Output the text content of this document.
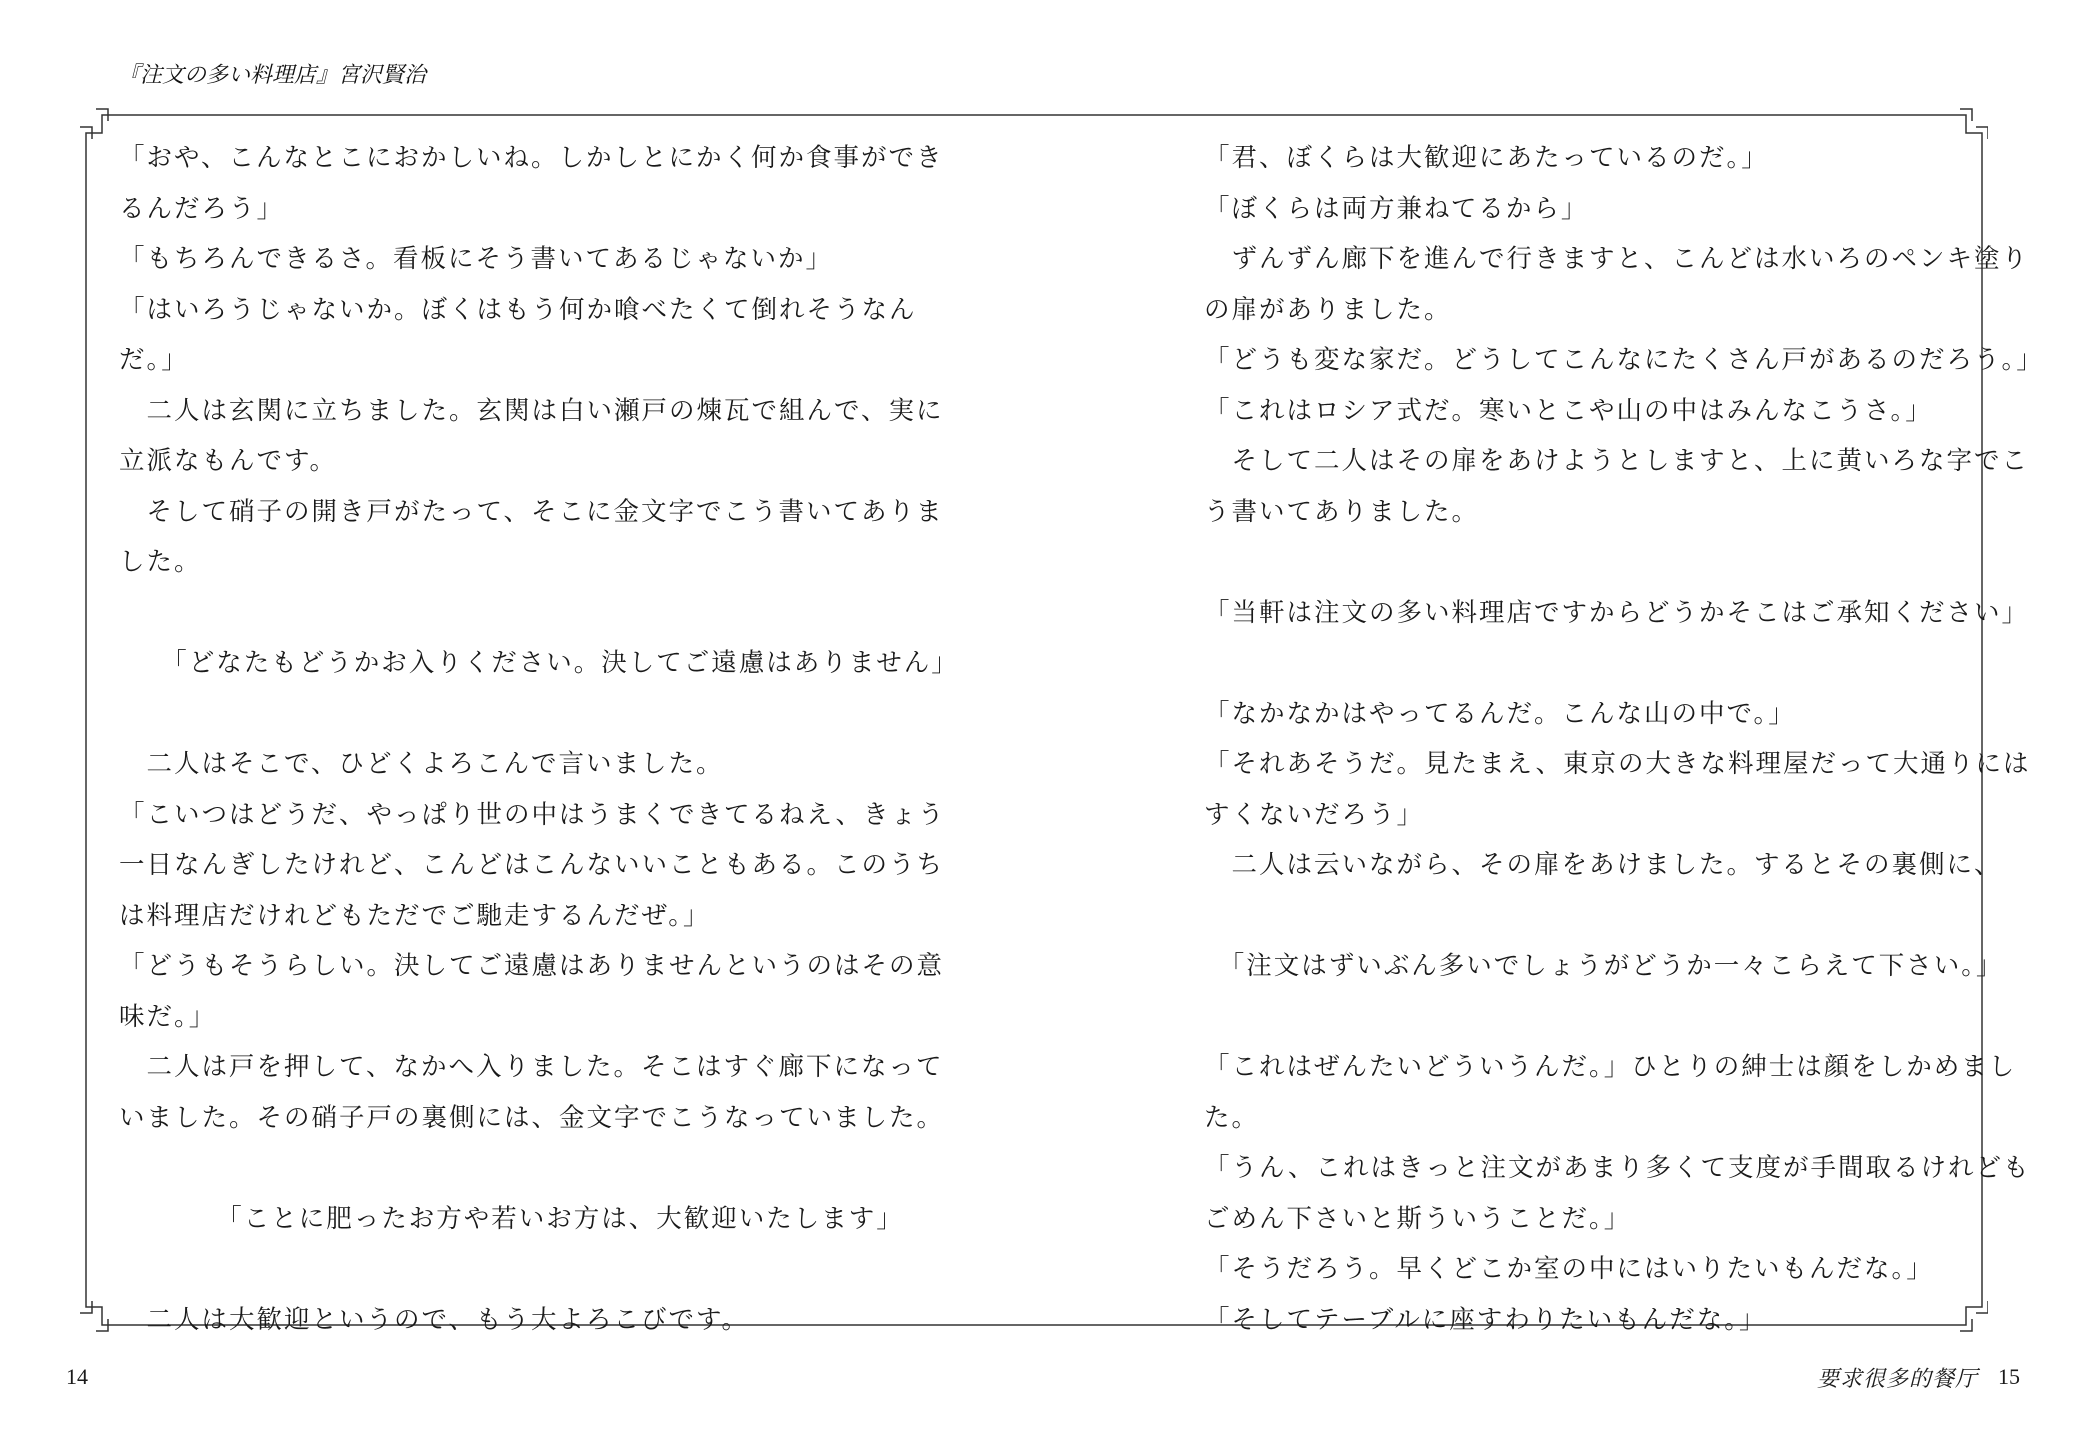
『注文の多い料理店』宮沢賢治
「おや、こんなとこにおかしいね。しかしとにかく何か食事ができ
るんだろう」
「もちろんできるさ。看板にそう書いてあるじゃないか」
「はいろうじゃないか。ぼくはもう何か喰べたくて倒れそうなん
だ。」
　二人は玄関に立ちました。玄関は白い瀬戸の煉瓦で組んで、実に
立派なもんです。
　そして硝子の開き戸がたって、そこに金文字でこう書いてありま
した。
　　「どなたもどうかお入りください。決してご遠慮はありません」
　二人はそこで、ひどくよろこんで言いました。
「こいつはどうだ、やっぱり世の中はうまくできてるねえ、きょう
一日なんぎしたけれど、こんどはこんないいこともある。このうち
は料理店だけれどもただでご馳走するんだぜ。」
「どうもそうらしい。決してご遠慮はありませんというのはその意
味だ。」
　二人は戸を押して、なかへ入りました。そこはすぐ廊下になって
いました。その硝子戸の裏側には、金文字でこうなっていました。
　　　　「ことに肥ったお方や若いお方は、大歓迎いたします」
　二人は大歓迎というので、もう大よろこびです。
「君、ぼくらは大歓迎にあたっているのだ。」
「ぼくらは両方兼ねてるから」
　ずんずん廊下を進んで行きますと、こんどは水いろのペンキ塗り
の扉がありました。
「どうも変な家だ。どうしてこんなにたくさん戸があるのだろう。」
「これはロシア式だ。寒いとこや山の中はみんなこうさ。」
　そして二人はその扉をあけようとしますと、上に黄いろな字でこ
う書いてありました。
「当軒は注文の多い料理店ですからどうかそこはご承知ください」
「なかなかはやってるんだ。こんな山の中で。」
「それあそうだ。見たまえ、東京の大きな料理屋だって大通りには
すくないだろう」
　二人は云いながら、その扉をあけました。するとその裏側に、
　「注文はずいぶん多いでしょうがどうか一々こらえて下さい。」
「これはぜんたいどういうんだ。」ひとりの紳士は顔をしかめまし
た。
「うん、これはきっと注文があまり多くて支度が手間取るけれども
ごめん下さいと斯ういうことだ。」
「そうだろう。早くどこか室の中にはいりたいもんだな。」
「そしてテーブルに座すわりたいもんだな。」
14	要求很多的餐厅 15
